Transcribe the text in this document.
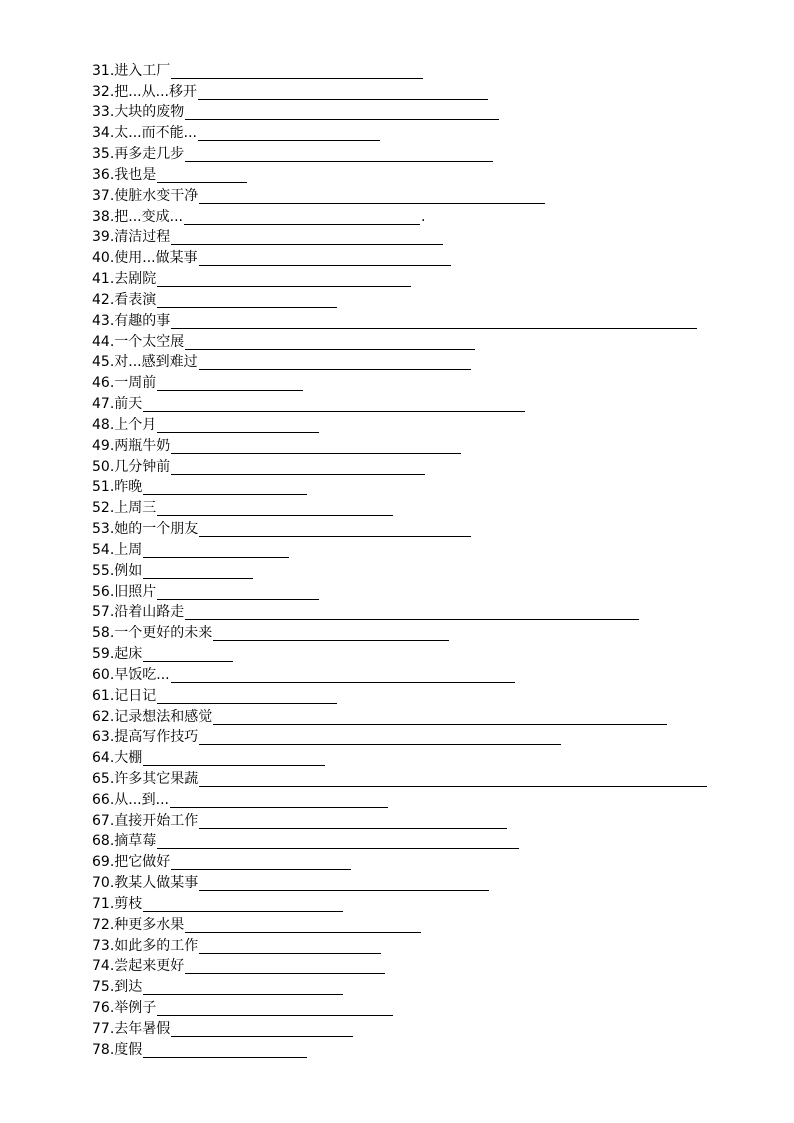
31. 进入工厂
32. 把...从...移开
33. 大块的废物
34. 太...而不能...
35. 再多走几步
36. 我也是
37. 使脏水变干净
38. 把...变成...	.
39. 清洁过程
40. 使用...做某事
41. 去剧院
42. 看表演
43. 有趣的事
44. 一个太空展
45. 对...感到难过
46. 一周前
47. 前天
48. 上个月
49. 两瓶牛奶
50. 几分钟前
51. 昨晚
52. 上周三
53. 她的一个朋友
54. 上周
55. 例如
56. 旧照片
57. 沿着山路走
58. 一个更好的未来
59. 起床
60. 早饭吃...
61. 记日记
62. 记录想法和感觉
63. 提高写作技巧
64. 大棚
65. 许多其它果蔬
66. 从...到...
67. 直接开始工作
68. 摘草莓
69. 把它做好
70. 教某人做某事
71. 剪枝
72. 种更多水果
73. 如此多的工作
74. 尝起来更好
75. 到达
76. 举例子
77. 去年暑假
78. 度假
